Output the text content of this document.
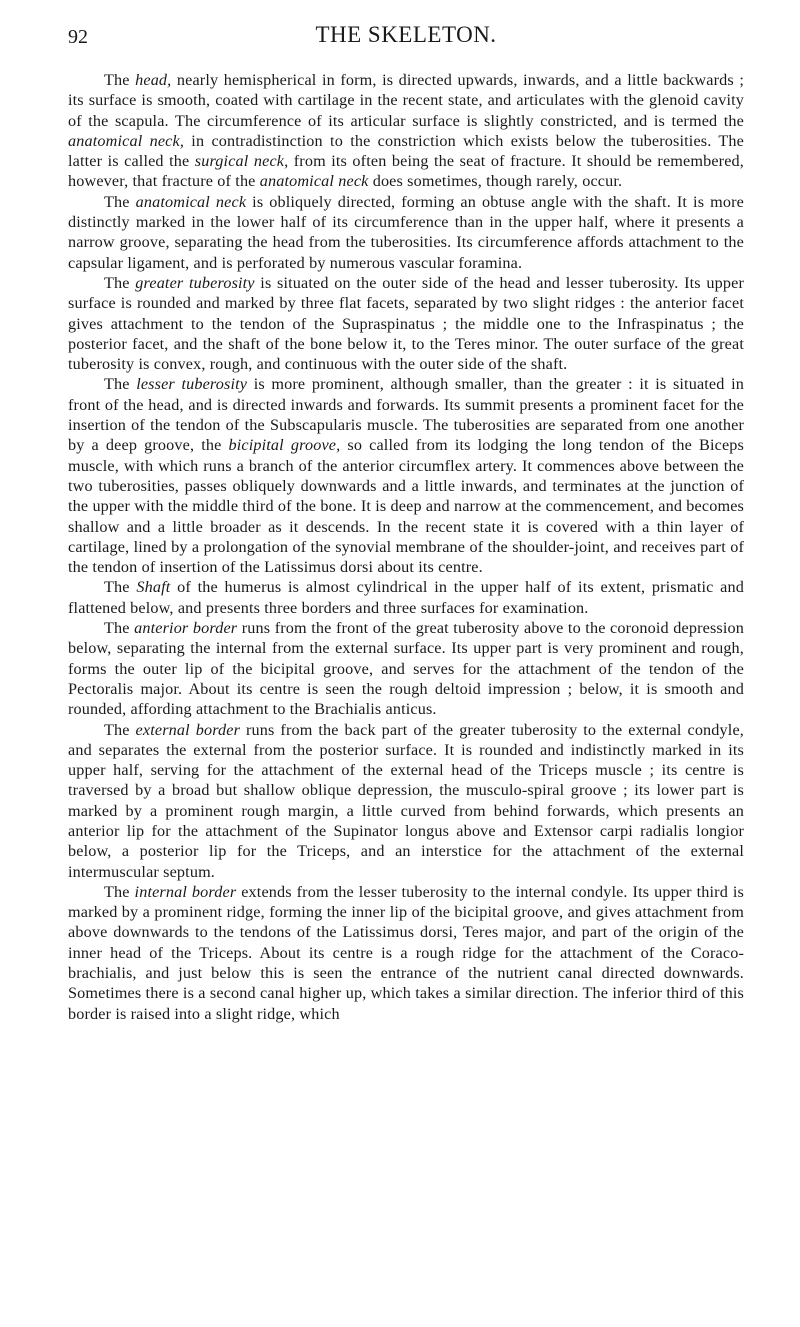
92	THE SKELETON.

The head, nearly hemispherical in form, is directed upwards, inwards, and a little backwards ; its surface is smooth, coated with cartilage in the recent state, and articulates with the glenoid cavity of the scapula. The circumference of its articular surface is slightly constricted, and is termed the anatomical neck, in contradistinction to the constriction which exists below the tuberosities. The latter is called the surgical neck, from its often being the seat of fracture. It should be remembered, however, that fracture of the anatomical neck does sometimes, though rarely, occur.

The anatomical neck is obliquely directed, forming an obtuse angle with the shaft. It is more distinctly marked in the lower half of its circumference than in the upper half, where it presents a narrow groove, separating the head from the tuberosities. Its circumference affords attachment to the capsular ligament, and is perforated by numerous vascular foramina.

The greater tuberosity is situated on the outer side of the head and lesser tuberosity. Its upper surface is rounded and marked by three flat facets, separated by two slight ridges : the anterior facet gives attachment to the tendon of the Supraspinatus ; the middle one to the Infraspinatus ; the posterior facet, and the shaft of the bone below it, to the Teres minor. The outer surface of the great tuberosity is convex, rough, and continuous with the outer side of the shaft.

The lesser tuberosity is more prominent, although smaller, than the greater : it is situated in front of the head, and is directed inwards and forwards. Its summit presents a prominent facet for the insertion of the tendon of the Subscapularis muscle. The tuberosities are separated from one another by a deep groove, the bicipital groove, so called from its lodging the long tendon of the Biceps muscle, with which runs a branch of the anterior circumflex artery. It commences above between the two tuberosities, passes obliquely downwards and a little inwards, and terminates at the junction of the upper with the middle third of the bone. It is deep and narrow at the commencement, and becomes shallow and a little broader as it descends. In the recent state it is covered with a thin layer of cartilage, lined by a prolongation of the synovial membrane of the shoulder-joint, and receives part of the tendon of insertion of the Latissimus dorsi about its centre.

The Shaft of the humerus is almost cylindrical in the upper half of its extent, prismatic and flattened below, and presents three borders and three surfaces for examination.

The anterior border runs from the front of the great tuberosity above to the coronoid depression below, separating the internal from the external surface. Its upper part is very prominent and rough, forms the outer lip of the bicipital groove, and serves for the attachment of the tendon of the Pectoralis major. About its centre is seen the rough deltoid impression ; below, it is smooth and rounded, affording attachment to the Brachialis anticus.

The external border runs from the back part of the greater tuberosity to the external condyle, and separates the external from the posterior surface. It is rounded and indistinctly marked in its upper half, serving for the attachment of the external head of the Triceps muscle ; its centre is traversed by a broad but shallow oblique depression, the musculo-spiral groove ; its lower part is marked by a prominent rough margin, a little curved from behind forwards, which presents an anterior lip for the attachment of the Supinator longus above and Extensor carpi radialis longior below, a posterior lip for the Triceps, and an interstice for the attachment of the external intermuscular septum.

The internal border extends from the lesser tuberosity to the internal condyle. Its upper third is marked by a prominent ridge, forming the inner lip of the bicipital groove, and gives attachment from above downwards to the tendons of the Latissimus dorsi, Teres major, and part of the origin of the inner head of the Triceps. About its centre is a rough ridge for the attachment of the Coraco-brachialis, and just below this is seen the entrance of the nutrient canal directed downwards. Sometimes there is a second canal higher up, which takes a similar direction. The inferior third of this border is raised into a slight ridge, which
